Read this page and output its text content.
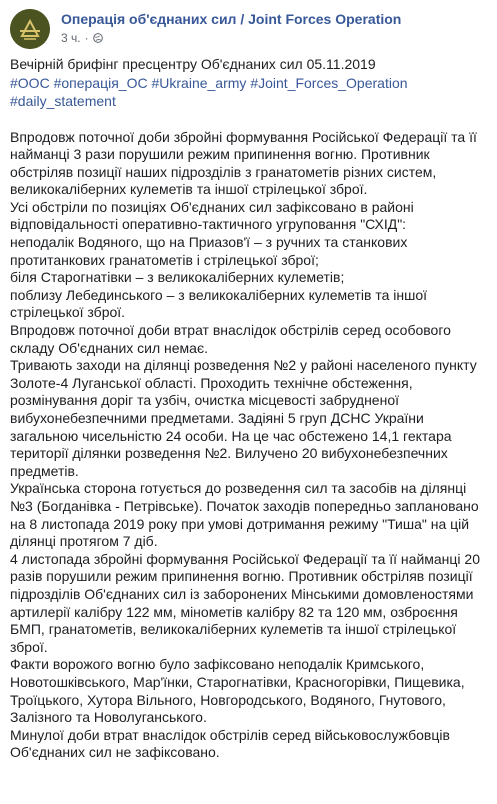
Операція об'єднаних сил / Joint Forces Operation
3 ч. ·
Вечірній брифінг пресцентру Об'єднаних сил 05.11.2019
#ООС #операція_ОС #Ukraine_army #Joint_Forces_Operation
#daily_statement
Впродовж поточної доби збройні формування Російської Федерації та її
найманці 3 рази порушили режим припинення вогню. Противник
обстріляв позиції наших підрозділів з гранатометів різних систем,
великокаліберних кулеметів та іншої стрілецької зброї.
Усі обстріли по позиціях Об'єднаних сил зафіксовано в районі
відповідальності оперативно-тактичного угруповання "СХІД":
неподалік Водяного, що на Приазов'ї – з ручних та станкових
протитанкових гранатометів і стрілецької зброї;
біля Старогнатівки – з великокаліберних кулеметів;
поблизу Лебединського – з великокаліберних кулеметів та іншої
стрілецької зброї.
Впродовж поточної доби втрат внаслідок обстрілів серед особового
складу Об'єднаних сил немає.
Тривають заходи на ділянці розведення №2 у районі населеного пункту
Золоте-4 Луганської області. Проходить технічне обстеження,
розмінування доріг та узбіч, очистка місцевості забрудненої
вибухонебезпечними предметами. Задіяні 5 груп ДСНС України
загальною чисельністю 24 особи. На це час обстежено 14,1 гектара
території ділянки розведення №2. Вилучено 20 вибухонебезпечних
предметів.
Українська сторона готується до розведення сил та засобів на ділянці
№3 (Богданівка - Петрівське). Початок заходів попередньо заплановано
на 8 листопада 2019 року при умові дотримання режиму "Тиша" на цій
ділянці протягом 7 діб.
4 листопада збройні формування Російської Федерації та її найманці 20
разів порушили режим припинення вогню. Противник обстріляв позиції
підрозділів Об'єднаних сил із заборонених Мінськими домовленостями
артилерії калібру 122 мм, мінометів калібру 82 та 120 мм, озброєння
БМП, гранатометів, великокаліберних кулеметів та іншої стрілецької
зброї.
Факти ворожого вогню було зафіксовано неподалік Кримського,
Новотошківського, Мар'їнки, Старогнатівки, Красногорівки, Пищевика,
Троїцького, Хутора Вільного, Новгородського, Водяного, Гнутового,
Залізного та Новолуганського.
Минулої доби втрат внаслідок обстрілів серед військовослужбовців
Об'єднаних сил не зафіксовано.
